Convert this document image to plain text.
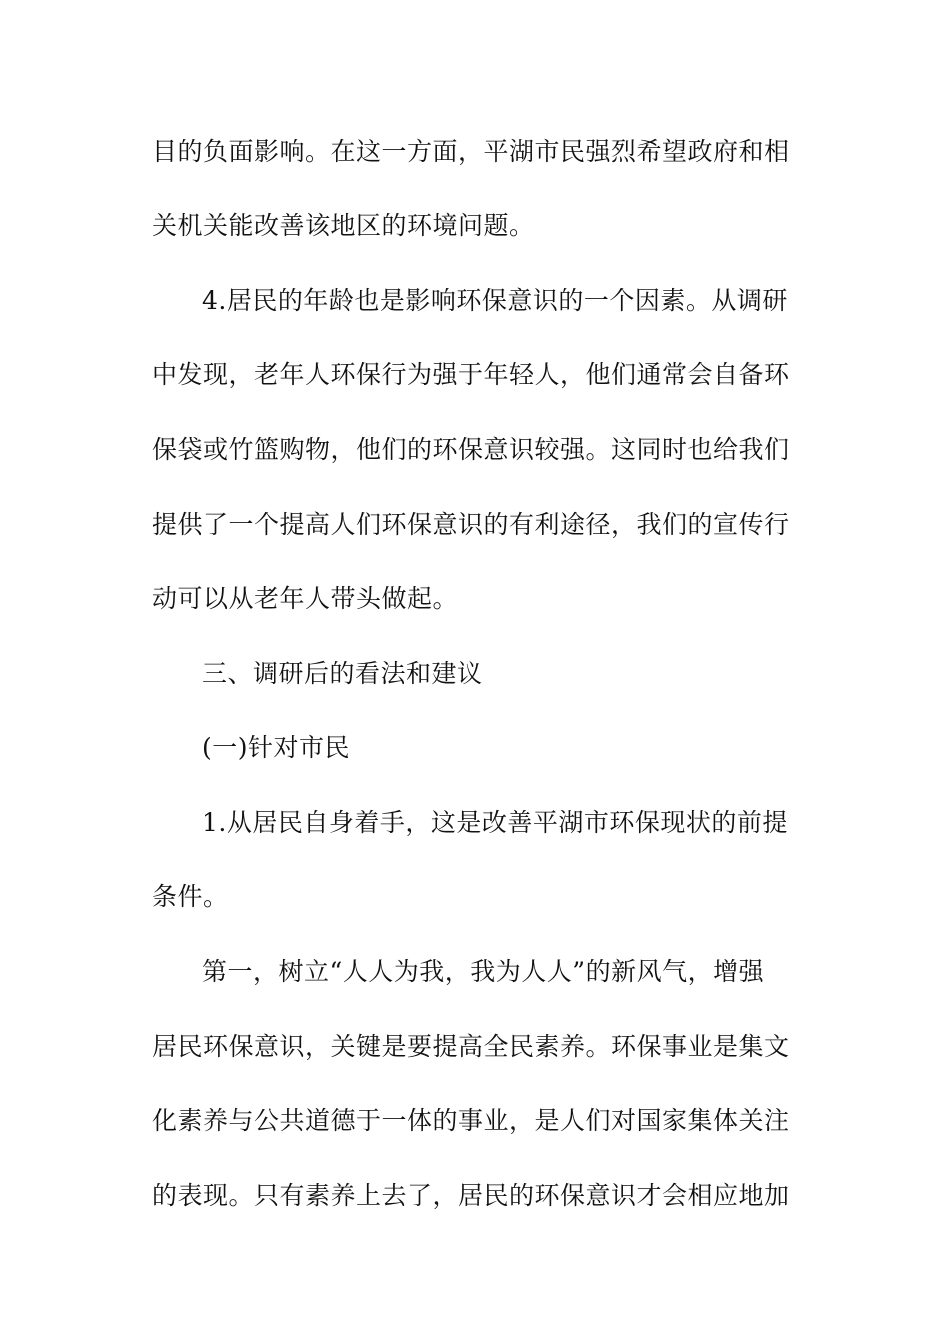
目的负面影响。在这一方面，平湖市民强烈希望政府和相
关机关能改善该地区的环境问题。
4.居民的年龄也是影响环保意识的一个因素。从调研
中发现，老年人环保行为强于年轻人，他们通常会自备环
保袋或竹篮购物，他们的环保意识较强。这同时也给我们
提供了一个提高人们环保意识的有利途径，我们的宣传行
动可以从老年人带头做起。
三、调研后的看法和建议
(一)针对市民
1.从居民自身着手，这是改善平湖市环保现状的前提
条件。
第一，树立“人人为我，我为人人”的新风气，增强
居民环保意识，关键是要提高全民素养。环保事业是集文
化素养与公共道德于一体的事业，是人们对国家集体关注
的表现。只有素养上去了，居民的环保意识才会相应地加
